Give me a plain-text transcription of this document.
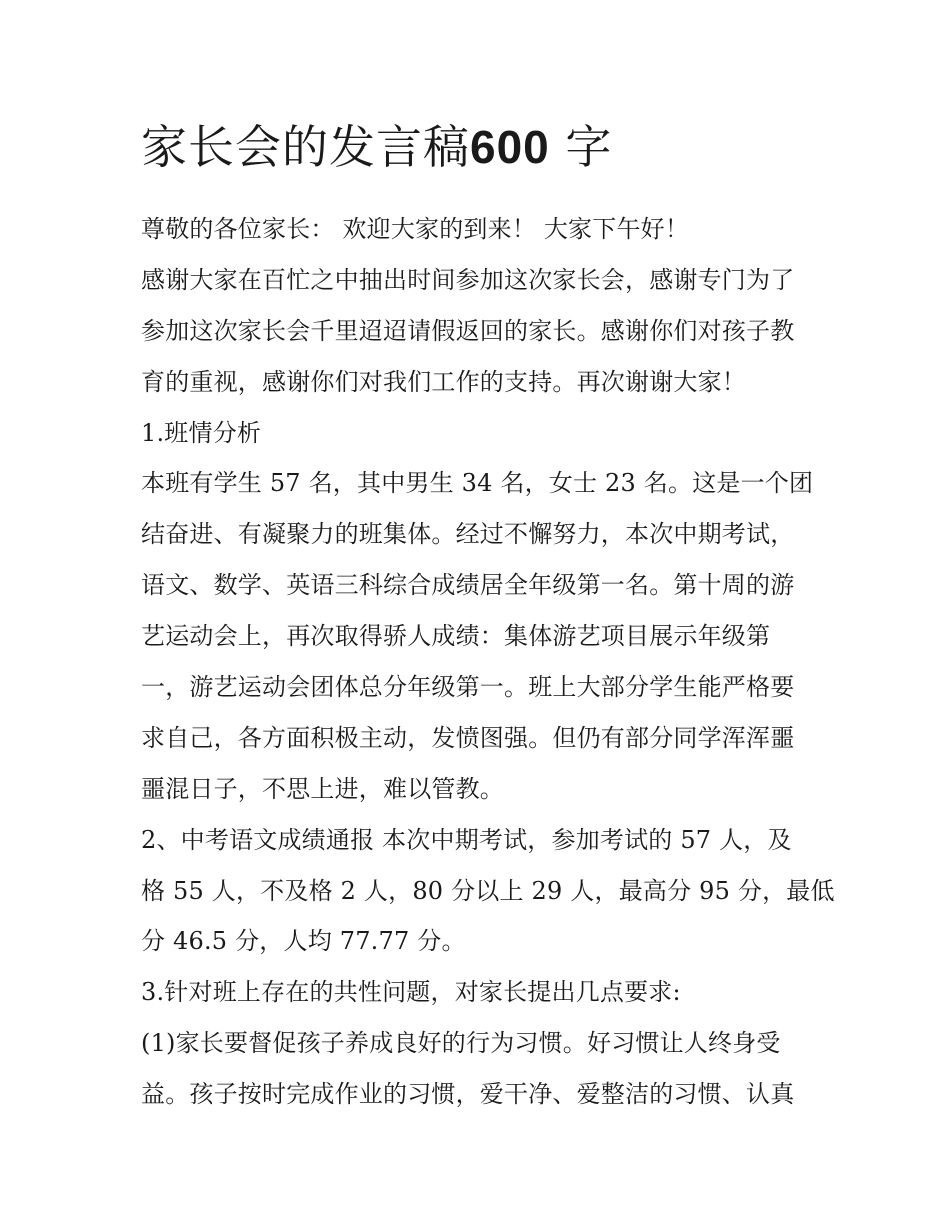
家长会的发言稿600 字
尊敬的各位家长： 欢迎大家的到来！ 大家下午好！
感谢大家在百忙之中抽出时间参加这次家长会，感谢专门为了
参加这次家长会千里迢迢请假返回的家长。感谢你们对孩子教
育的重视，感谢你们对我们工作的支持。再次谢谢大家！
1.班情分析
本班有学生 57 名，其中男生 34 名，女士 23 名。这是一个团
结奋进、有凝聚力的班集体。经过不懈努力，本次中期考试，
语文、数学、英语三科综合成绩居全年级第一名。第十周的游
艺运动会上，再次取得骄人成绩：集体游艺项目展示年级第
一，游艺运动会团体总分年级第一。班上大部分学生能严格要
求自己，各方面积极主动，发愤图强。但仍有部分同学浑浑噩
噩混日子，不思上进，难以管教。
2、中考语文成绩通报 本次中期考试，参加考试的 57 人，及
格 55 人，不及格 2 人，80 分以上 29 人，最高分 95 分，最低
分 46.5 分，人均 77.77 分。
3.针对班上存在的共性问题，对家长提出几点要求:
(1)家长要督促孩子养成良好的行为习惯。好习惯让人终身受
益。孩子按时完成作业的习惯，爱干净、爱整洁的习惯、认真
